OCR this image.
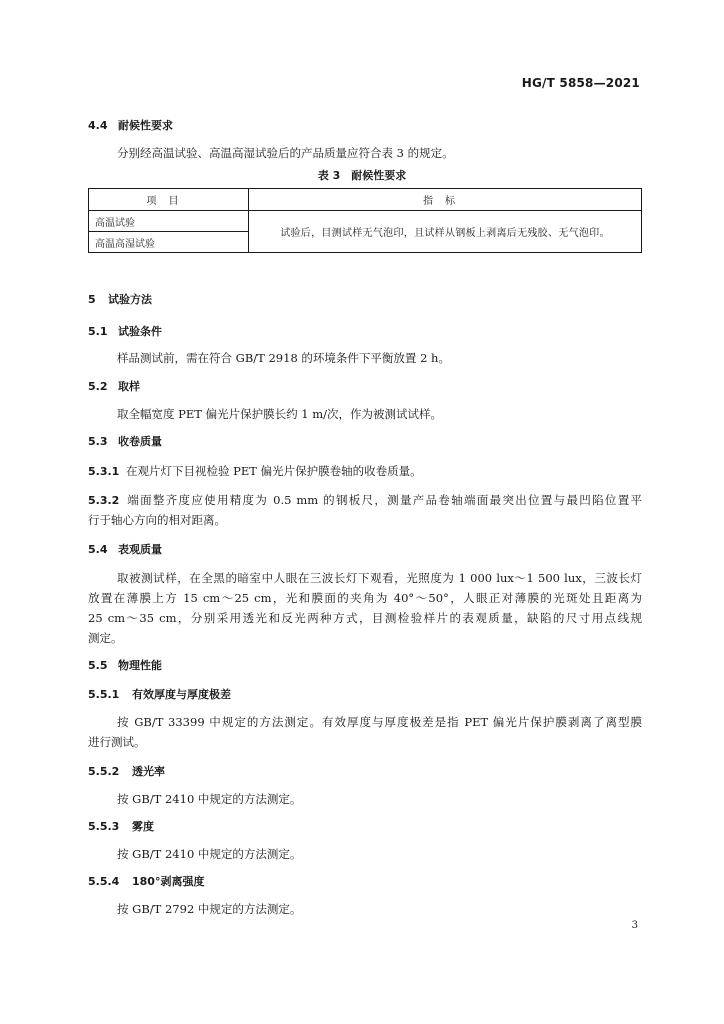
HG/T 5858—2021
4.4 耐候性要求
分别经高温试验、高温高湿试验后的产品质量应符合表 3 的规定。
表 3　耐候性要求
项目	指标
高温试验	试验后，目测试样无气泡印，且试样从钢板上剥离后无残胶、无气泡印。
高温高湿试验	
5 试验方法
5.1 试验条件
样品测试前，需在符合 GB/T 2918 的环境条件下平衡放置 2 h。
5.2 取样
取全幅宽度 PET 偏光片保护膜长约 1 m/次，作为被测试试样。
5.3 收卷质量
5.3.1 在观片灯下目视检验 PET 偏光片保护膜卷轴的收卷质量。
5.3.2 端面整齐度应使用精度为 0.5 mm 的钢板尺，测量产品卷轴端面最突出位置与最凹陷位置平
行于轴心方向的相对距离。
5.4 表观质量
取被测试样，在全黑的暗室中人眼在三波长灯下观看，光照度为 1 000 lux～1 500 lux，三波长灯
放置在薄膜上方 15 cm～25 cm，光和膜面的夹角为 40°～50°，人眼正对薄膜的光斑处且距离为
25 cm～35 cm，分别采用透光和反光两种方式，目测检验样片的表观质量，缺陷的尺寸用点线规
测定。
5.5 物理性能
5.5.1 有效厚度与厚度极差
按 GB/T 33399 中规定的方法测定。有效厚度与厚度极差是指 PET 偏光片保护膜剥离了离型膜
进行测试。
5.5.2 透光率
按 GB/T 2410 中规定的方法测定。
5.5.3 雾度
按 GB/T 2410 中规定的方法测定。
5.5.4 180°剥离强度
按 GB/T 2792 中规定的方法测定。
3
